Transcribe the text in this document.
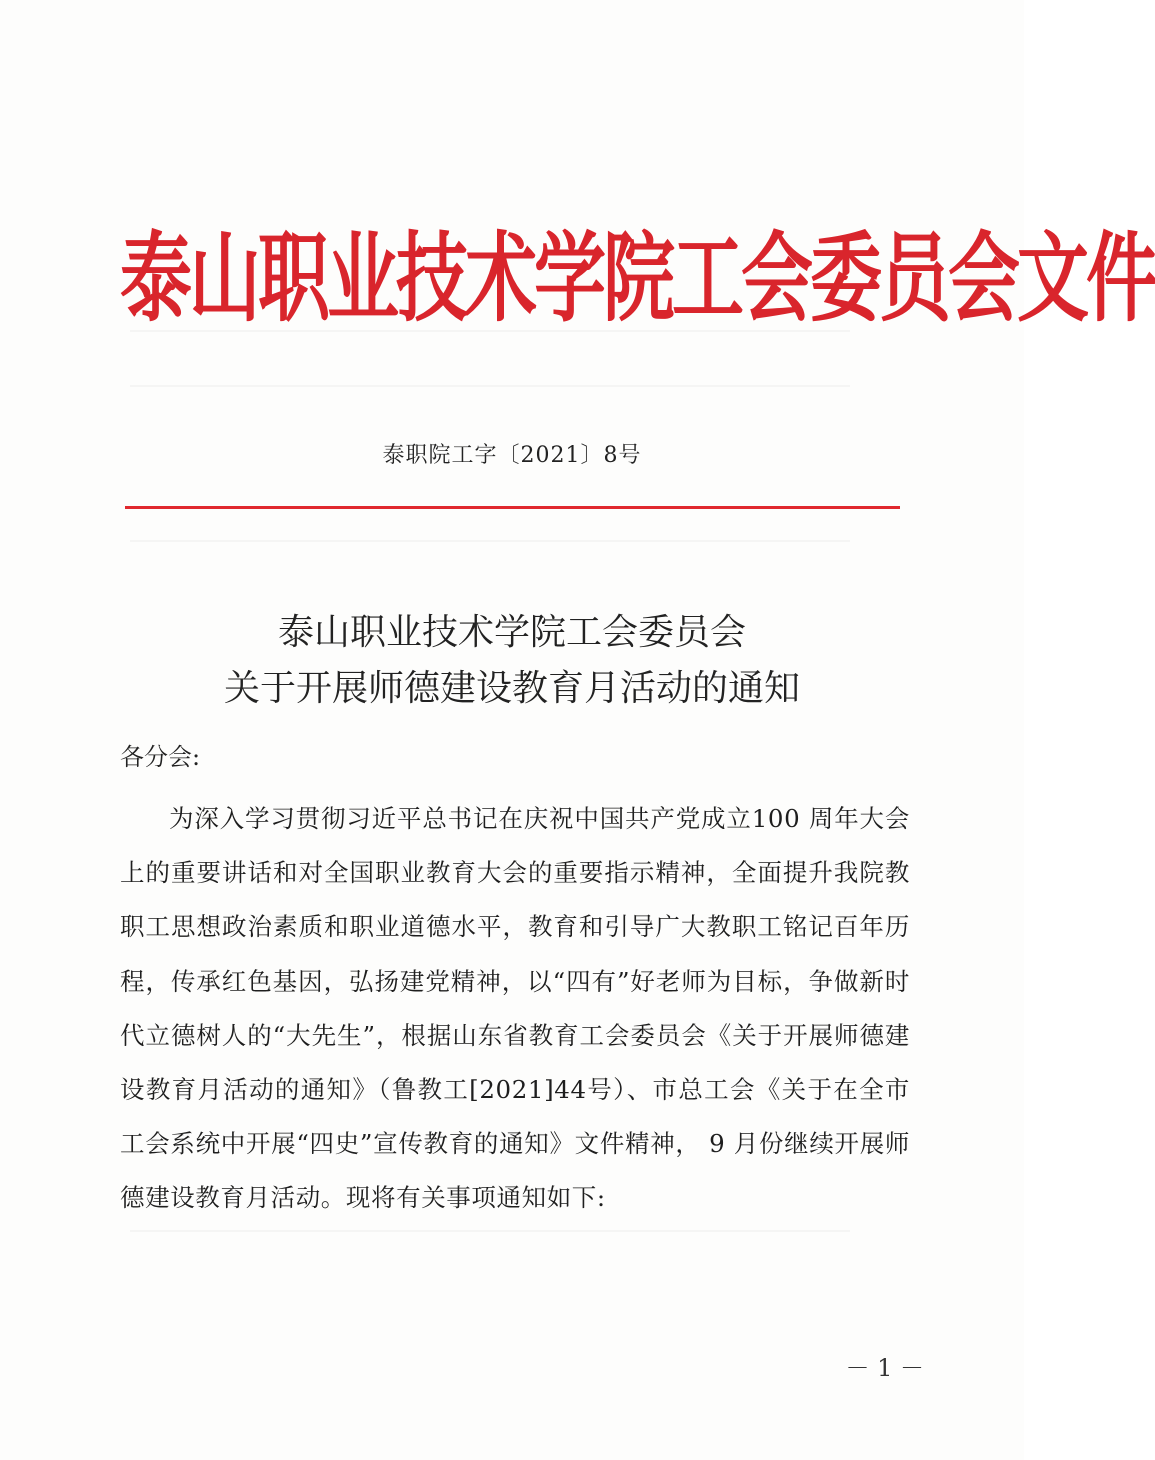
泰山职业技术学院工会委员会文件
泰职院工字〔2021〕8号
泰山职业技术学院工会委员会
关于开展师德建设教育月活动的通知
各分会:
为深入学习贯彻习近平总书记在庆祝中国共产党成立100 周年大会上的重要讲话和对全国职业教育大会的重要指示精神，全面提升我院教职工思想政治素质和职业道德水平，教育和引导广大教职工铭记百年历程，传承红色基因，弘扬建党精神，以“四有”好老师为目标，争做新时代立德树人的“大先生”，根据山东省教育工会委员会《关于开展师德建设教育月活动的通知》（鲁教工[2021]44号）、市总工会《关于在全市工会系统中开展“四史”宣传教育的通知》文件精神， 9 月份继续开展师德建设教育月活动。现将有关事项通知如下:
－ 1 －
